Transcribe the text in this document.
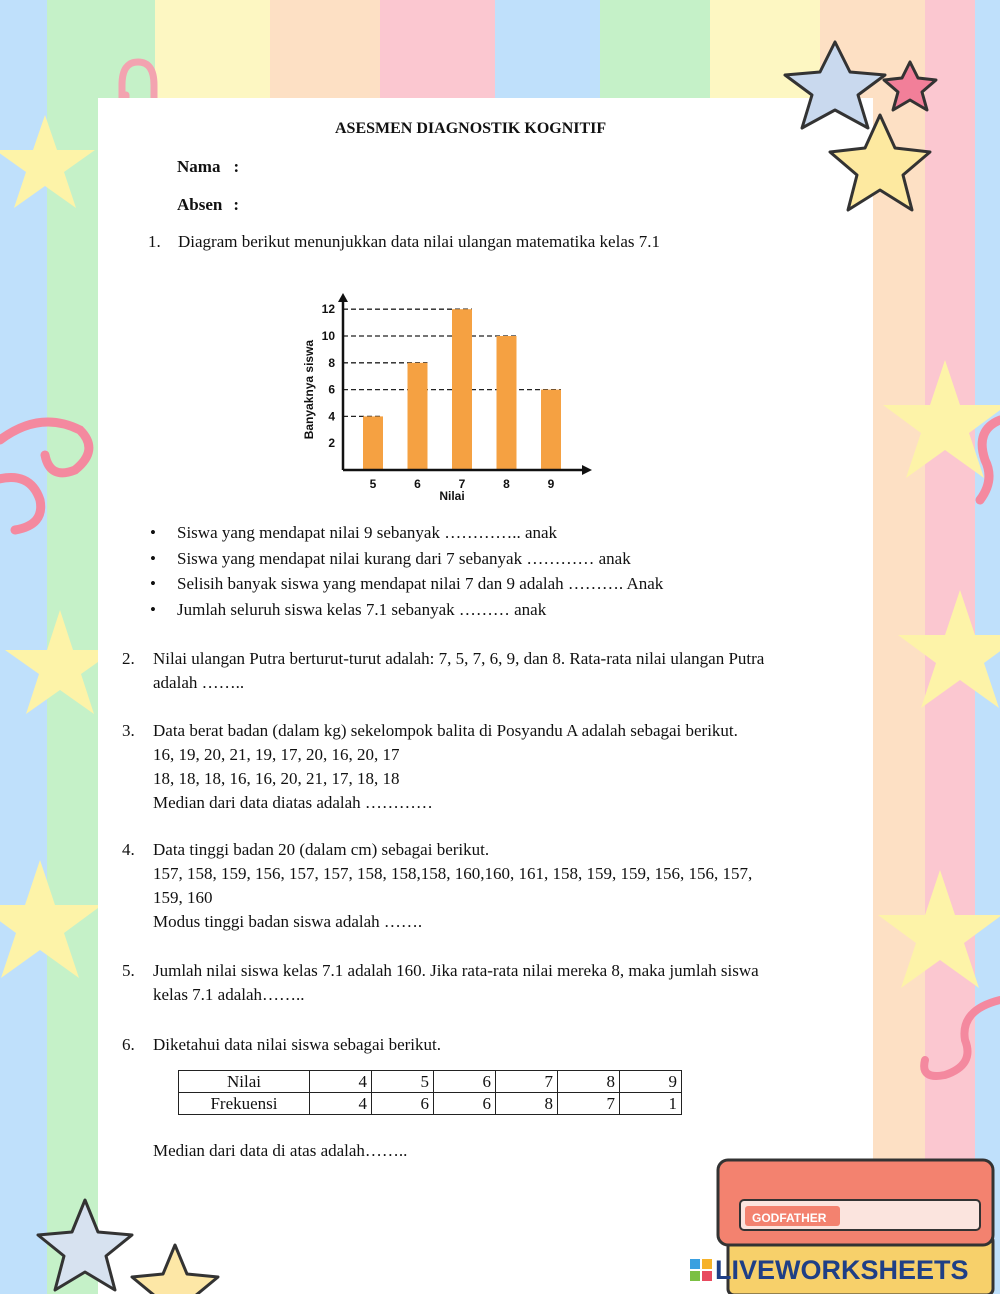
GODFATHER
ASESMEN DIAGNOSTIK KOGNITIF
Nama :
Absen :
1. Diagram berikut menunjukkan data nilai ulangan matematika kelas 7.1
5	6	7	8	9
2
4
6
8
10
12
Nilai
Banyaknya siswa
• Siswa yang mendapat nilai 9 sebanyak ………….. anak
• Siswa yang mendapat nilai kurang dari 7 sebanyak ………… anak
• Selisih banyak siswa yang mendapat nilai 7 dan 9 adalah ………. Anak
• Jumlah seluruh siswa kelas 7.1 sebanyak ……… anak
2. Nilai ulangan Putra berturut-turut adalah: 7, 5, 7, 6, 9, dan 8. Rata-rata nilai ulangan Putra
adalah ……..
3. Data berat badan (dalam kg) sekelompok balita di Posyandu A adalah sebagai berikut.
16, 19, 20, 21, 19, 17, 20, 16, 20, 17
18, 18, 18, 16, 16, 20, 21, 17, 18, 18
Median dari data diatas adalah …………
4. Data tinggi badan 20 (dalam cm) sebagai berikut.
157, 158, 159, 156, 157, 157, 158, 158,158, 160,160, 161, 158, 159, 159, 156, 156, 157,
159, 160
Modus tinggi badan siswa adalah …….
5. Jumlah nilai siswa kelas 7.1 adalah 160. Jika rata-rata nilai mereka 8, maka jumlah siswa
kelas 7.1 adalah……..
6. Diketahui data nilai siswa sebagai berikut.
Nilai	4	5	6	7	8	9
Frekuensi	4	6	6	8	7	1
Median dari data di atas adalah……..
LIVEWORKSHEETS
